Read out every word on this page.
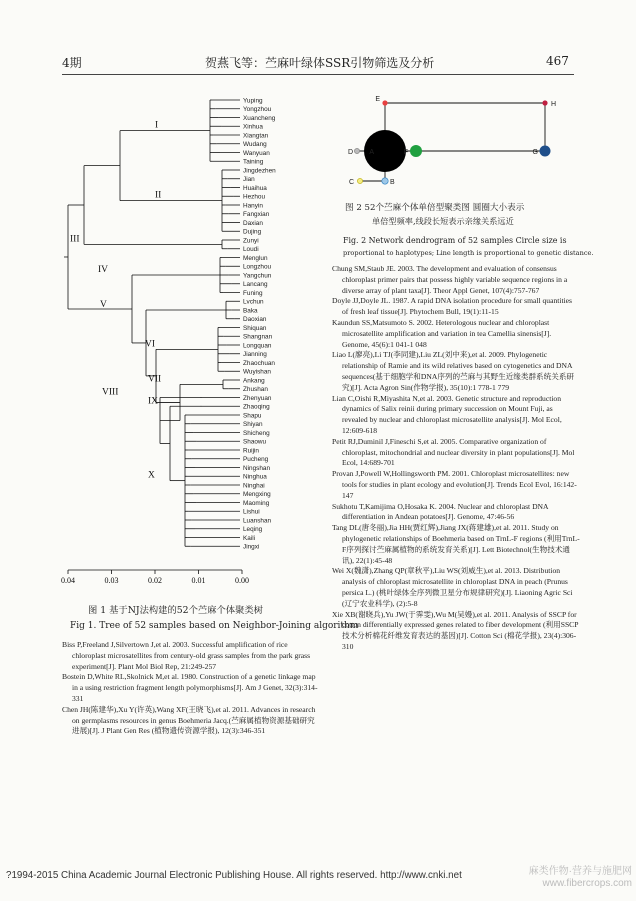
4期	贺燕飞等：苎麻叶绿体SSR引物筛选及分析	467
Yuping
Yongzhou
Xuancheng
Xinhua
Xiangtan
Wudang
Wanyuan
Taining
Jingdezhen
Jian
Huaihua
Hezhou
Hanyin
Fangxian
Daxian
Dujing
Zunyi
Loudi
Menglun
Longzhou
Yangchun
Lancang
Funing
Lvchun
Baka
Daoxian
Shiquan
Shangnan
Longquan
Jianning
Zhaochuan
Wuyishan
Ankang
Zhushan
Zhenyuan
Zhaoqing
Shapu
Shiyan
Shicheng
Shaowu
Ruijin
Pucheng
Ningshan
Ninghua
Ninghai
Mengxing
Maoming
Lishui
Luanshan
Leqing
Kaili
Jingxi
I
II
III
IV
V
VI
VII
VIII
IX
X
0.04	0.03	0.02	0.01	0.00
图 1 基于NJ法构建的52个苎麻个体聚类树
Fig 1. Tree of 52 samples based on Neighbor-Joining algorithm
Biss P,Freeland J,Silvertown J,et al. 2003. Successful amplification of rice chloroplast microsatellites from century-old grass samples from the park grass experiment[J]. Plant Mol Biol Rep, 21:249-257
Bostein D,White RL,Skolnick M,et al. 1980. Construction of a genetic linkage map in a using restriction fragment length polymorphisms[J]. Am J Genet, 32(3):314-331
Chen JH(陈建华),Xu Y(许英),Wang XF(王晓飞),et al. 2011. Advances in research on germplasms resources in genus Boehmeria Jacq.(苎麻属植物资源基础研究进展)[J]. J Plant Gen Res (植物遗传资源学报), 12(3):346-351
E
A
B
C
D	F	G
H
图 2 52个苎麻个体单倍型聚类图 圆圈大小表示
单倍型频率,线段长短表示亲缘关系远近
Fig. 2 Network dendrogram of 52 samples Circle size is
proportional to haplotypes; Line length is proportional to genetic distance.
Chung SM,Staub JE. 2003. The development and evaluation of consensus chloroplast primer pairs that possess highly variable sequence regions in a diverse array of plant taxa[J]. Theor Appl Genet, 107(4):757-767
Doyle JJ,Doyle JL. 1987. A rapid DNA isolation procedure for small quantities of fresh leaf tissue[J]. Phytochem Bull, 19(1):11-15
Kaundun SS,Matsumoto S. 2002. Heterologous nuclear and chloroplast microsatellite amplification and variation in tea Camellia sinensis[J]. Genome, 45(6):1 041-1 048
Liao L(廖亮),Li TJ(李同建),Liu ZL(刘中来),et al. 2009. Phylogenetic relationship of Ramie and its wild relatives based on cytogenetics and DNA sequences(基于细胞学和DNA序列的苎麻与其野生近缘类群系统关系研究)[J]. Acta Agron Sin(作物学报), 35(10):1 778-1 779
Lian C,Oishi R,Miyashita N,et al. 2003. Genetic structure and reproduction dynamics of Salix reinii during primary succession on Mount Fuji, as revealed by nuclear and chloroplast microsatellite analysis[J]. Mol Ecol, 12:609-618
Petit RJ,Duminil J,Fineschi S,et al. 2005. Comparative organization of chloroplast, mitochondrial and nuclear diversity in plant populations[J]. Mol Ecol, 14:689-701
Provan J,Powell W,Hollingsworth PM. 2001. Chloroplast microsatellites: new tools for studies in plant ecology and evolution[J]. Trends Ecol Evol, 16:142-147
Sukhotu T,Kamijima O,Hosaka K. 2004. Nuclear and chloroplast DNA differentiation in Andean potatoes[J]. Genome, 47:46-56
Tang DL(唐冬丽),Jia HH(贾红辉),Jiang JX(蒋建雄),et al. 2011. Study on phylogenetic relationships of Boehmeria based on TrnL-F regions (利用TrnL-F序列探讨苎麻属植物的系统发育关系)[J]. Lett Biotechnol(生物技术通讯), 22(1):45-48
Wei X(魏潇),Zhang QP(章秋平),Liu WS(刘威生),et al. 2013. Distribution analysis of chloroplast microsatellite in chloroplast DNA in peach (Prunus persica L.) (桃叶绿体全序列微卫星分布规律研究)[J]. Liaoning Agric Sci (辽宁农业科学), (2):5-8
Xie XB(谢晓兵),Yu JW(于霁雯),Wu M(吴嫚),et al. 2011. Analysis of SSCP for cotton differentially expressed genes related to fiber development (利用SSCP技术分析棉花纤维发育表达的基因)[J]. Cotton Sci (棉花学报), 23(4):306-310
?1994-2015 China Academic Journal Electronic Publishing House. All rights reserved. http://www.cnki.net	麻类作物·营养与施肥网
www.fibercrops.com
